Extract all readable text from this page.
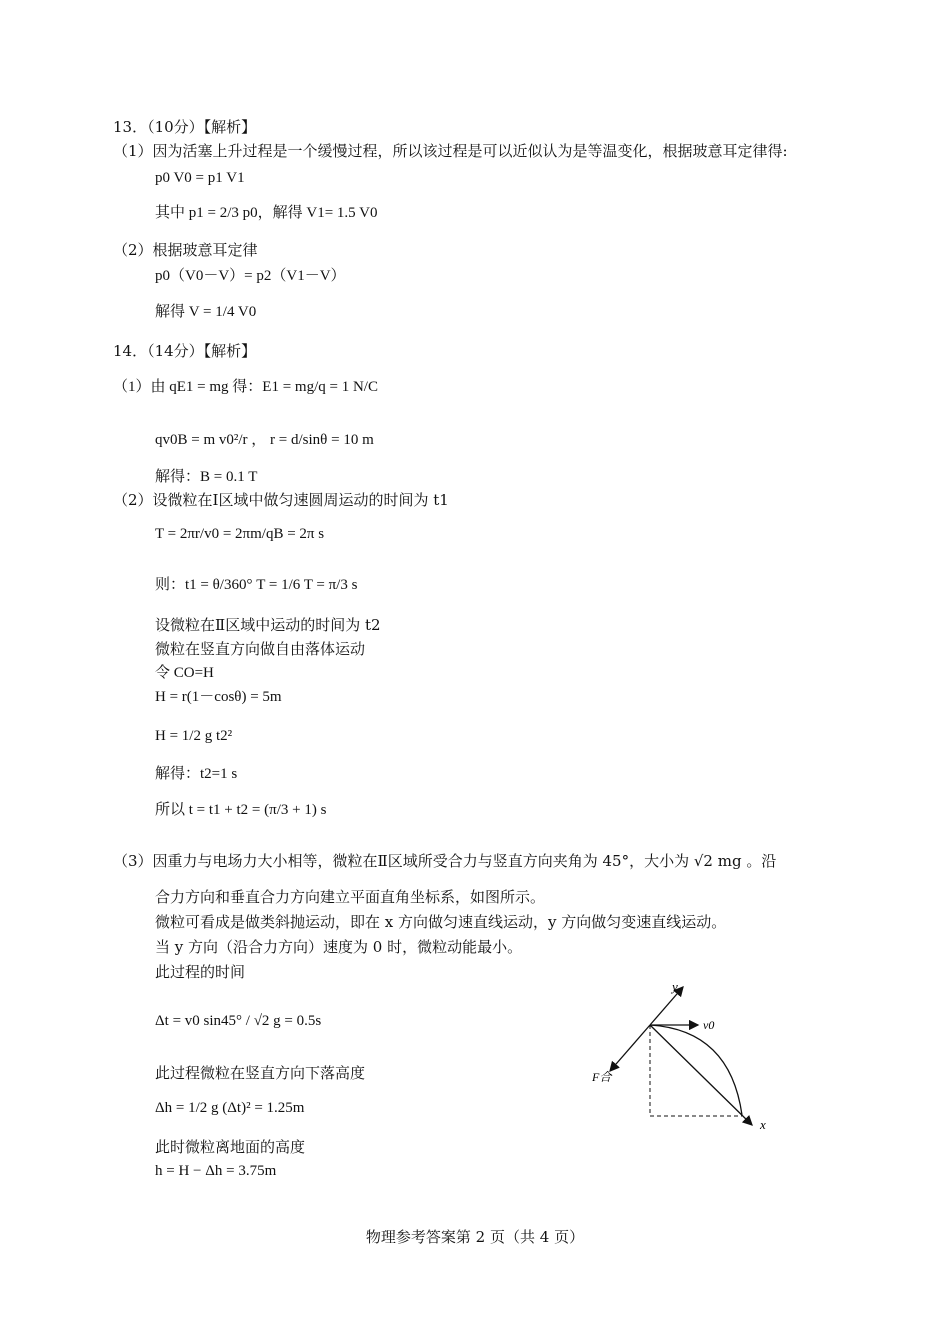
13．（10分）【解析】
（1）因为活塞上升过程是一个缓慢过程，所以该过程是可以近似认为是等温变化，根据玻意耳定律得:
p0 V0 = p1 V1
其中 p1 = 2/3 p0，解得 V1= 1.5 V0
（2）根据玻意耳定律
p0（V0－V）= p2（V1－V）
解得 V = 1/4 V0
14．（14分）【解析】
（1）由 qE1 = mg 得：E1 = mg/q = 1 N/C
qv0B = m v0²/r ， r = d/sinθ = 10 m
解得：B = 0.1 T
（2）设微粒在Ⅰ区域中做匀速圆周运动的时间为 t1
T = 2πr/v0 = 2πm/qB = 2π s
则：t1 = θ/360° T = 1/6 T = π/3 s
设微粒在Ⅱ区域中运动的时间为 t2
微粒在竖直方向做自由落体运动
令 CO=H
H = r(1－cosθ) = 5m
H = 1/2 g t2²
解得：t2=1 s
所以 t = t1 + t2 = (π/3 + 1) s
（3）因重力与电场力大小相等，微粒在Ⅱ区域所受合力与竖直方向夹角为 45°，大小为 √2 mg 。沿
合力方向和垂直合力方向建立平面直角坐标系，如图所示。
微粒可看成是做类斜抛运动，即在 x 方向做匀速直线运动，y 方向做匀变速直线运动。
当 y 方向（沿合力方向）速度为 0 时，微粒动能最小。
此过程的时间
Δt = v0 sin45° / √2 g = 0.5s
此过程微粒在竖直方向下落高度
Δh = 1/2 g (Δt)² = 1.25m
此时微粒离地面的高度
h = H − Δh = 3.75m
y
v0
F合
x
物理参考答案第 2 页（共 4 页）
